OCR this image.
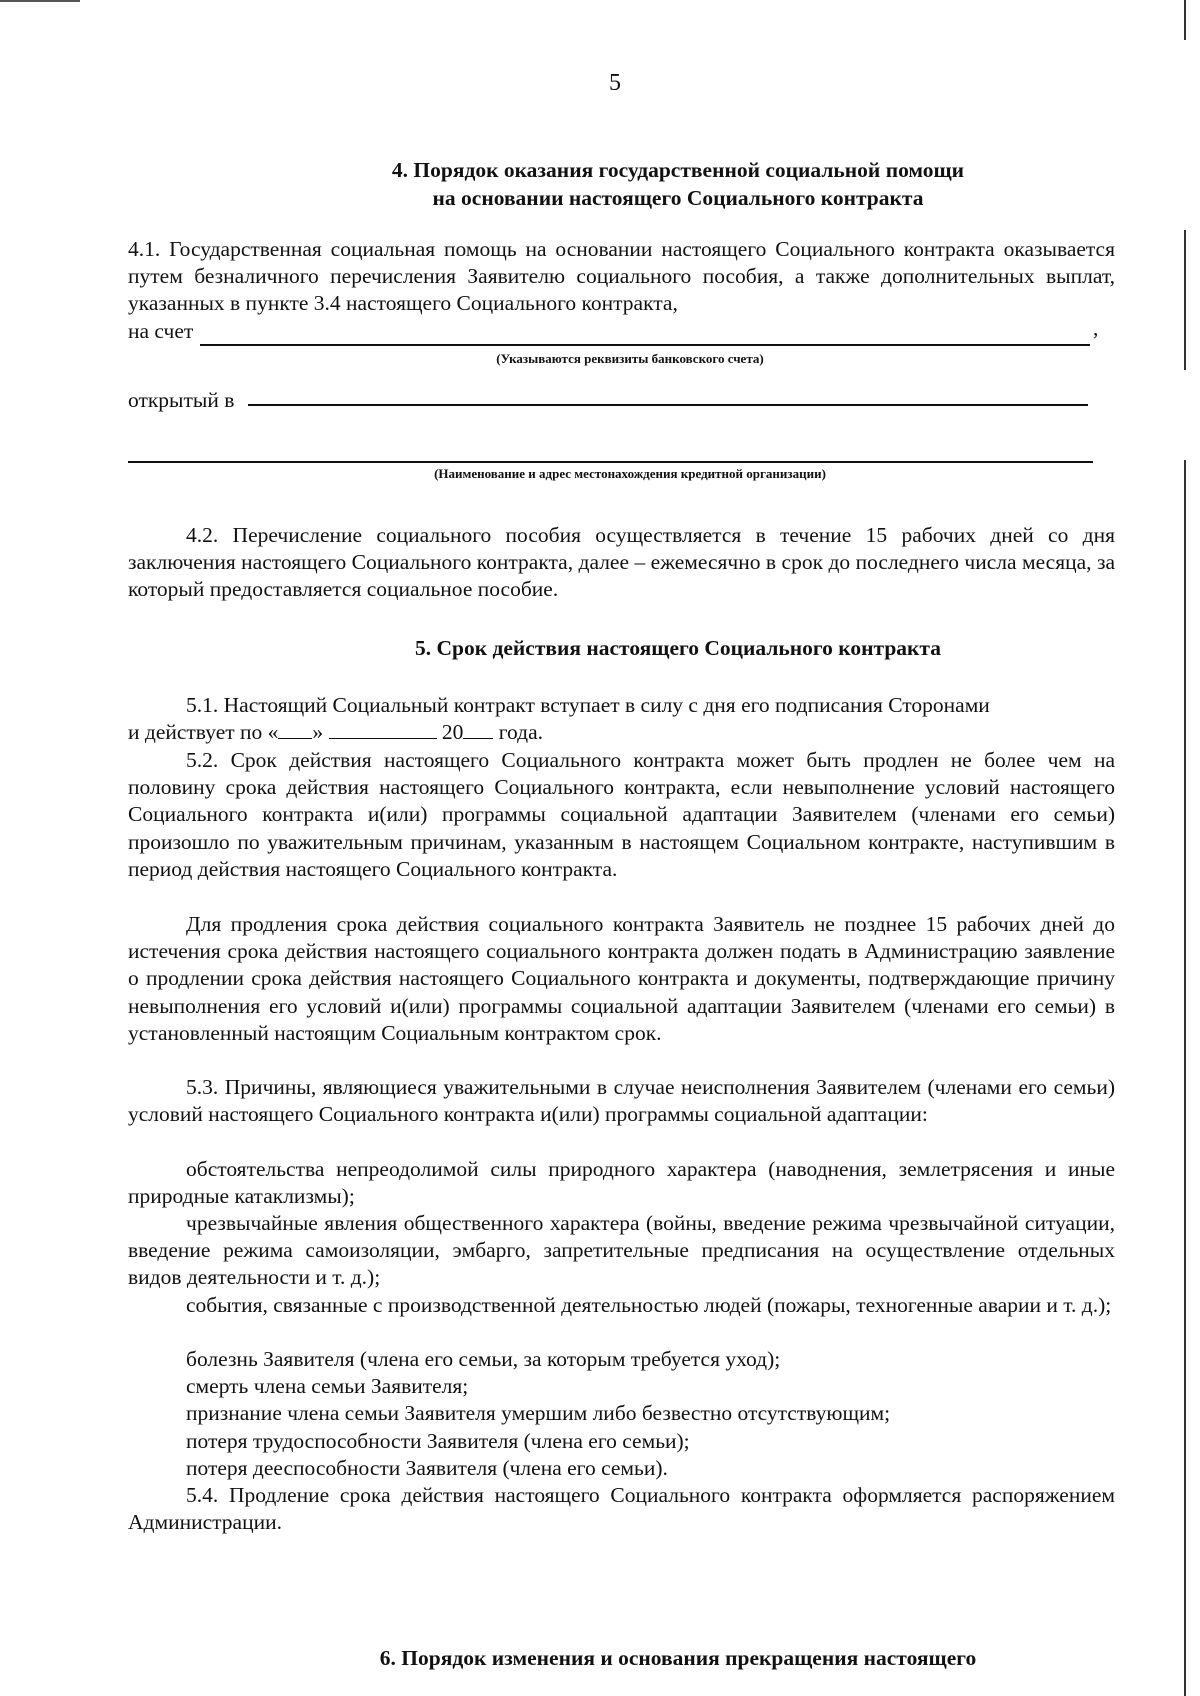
5
4. Порядок оказания государственной социальной помощи
на основании настоящего Социального контракта

4.1. Государственная социальная помощь на основании настоящего Социального контракта оказывается путем безналичного перечисления Заявителю социального пособия, а также дополнительных выплат, указанных в пункте 3.4 настоящего Социального контракта,

на счет	,
(Указываются реквизиты банковского счета)
открытый в
(Наименование и адрес местонахождения кредитной организации)

4.2. Перечисление социального пособия осуществляется в течение 15 рабочих дней со дня заключения настоящего Социального контракта, далее – ежемесячно в срок до последнего числа месяца, за который предоставляется социальное пособие.

5. Срок действия настоящего Социального контракта

5.1. Настоящий Социальный контракт вступает в силу с дня его подписания Сторонами

и действует по « »	20 года.

5.2. Срок действия настоящего Социального контракта может быть продлен не более чем на половину срока действия настоящего Социального контракта, если невыполнение условий настоящего Социального контракта и(или) программы социальной адаптации Заявителем (членами его семьи) произошло по уважительным причинам, указанным в настоящем Социальном контракте, наступившим в период действия настоящего Социального контракта.

Для продления срока действия социального контракта Заявитель не позднее 15 рабочих дней до истечения срока действия настоящего социального контракта должен подать в Администрацию заявление о продлении срока действия настоящего Социального контракта и документы, подтверждающие причину невыполнения его условий и(или) программы социальной адаптации Заявителем (членами его семьи) в установленный настоящим Социальным контрактом срок.

5.3. Причины, являющиеся уважительными в случае неисполнения Заявителем (членами его семьи) условий настоящего Социального контракта и(или) программы социальной адаптации:

обстоятельства непреодолимой силы природного характера (наводнения, землетрясения и иные природные катаклизмы);

чрезвычайные явления общественного характера (войны, введение режима чрезвычайной ситуации, введение режима самоизоляции, эмбарго, запретительные предписания на осуществление отдельных видов деятельности и т. д.);

события, связанные с производственной деятельностью людей (пожары, техногенные аварии и т. д.);

болезнь Заявителя (члена его семьи, за которым требуется уход);

смерть члена семьи Заявителя;

признание члена семьи Заявителя умершим либо безвестно отсутствующим;

потеря трудоспособности Заявителя (члена его семьи);

потеря дееспособности Заявителя (члена его семьи).

5.4. Продление срока действия настоящего Социального контракта оформляется распоряжением Администрации.

6. Порядок изменения и основания прекращения настоящего
